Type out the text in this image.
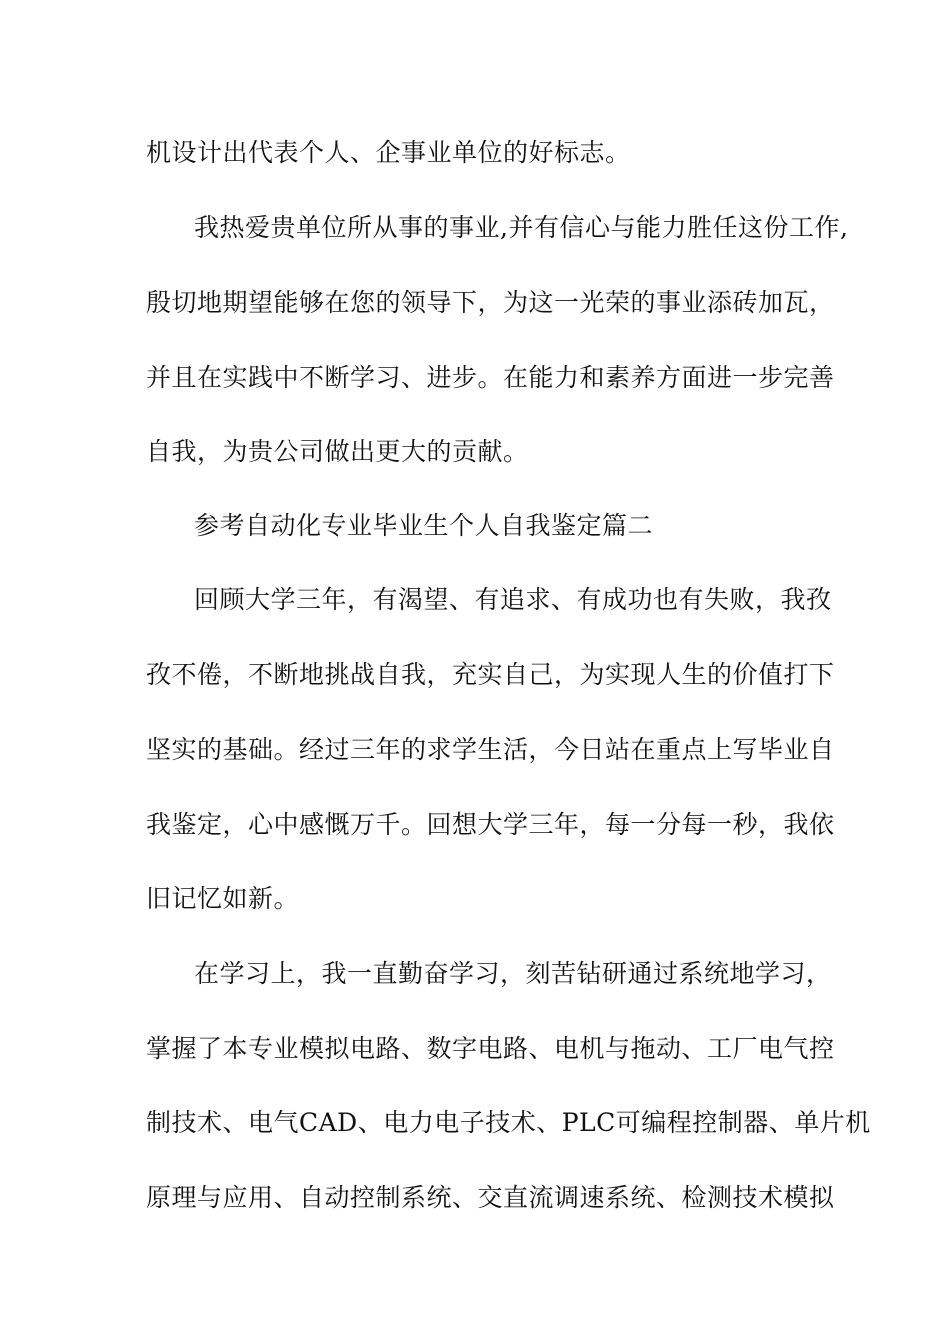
机设计出代表个人、企事业单位的好标志。
我热爱贵单位所从事的事业,并有信心与能力胜任这份工作,
殷切地期望能够在您的领导下，为这一光荣的事业添砖加瓦，
并且在实践中不断学习、进步。在能力和素养方面进一步完善
自我，为贵公司做出更大的贡献。
参考自动化专业毕业生个人自我鉴定篇二
回顾大学三年，有渴望、有追求、有成功也有失败，我孜
孜不倦，不断地挑战自我，充实自己，为实现人生的价值打下
坚实的基础。经过三年的求学生活，今日站在重点上写毕业自
我鉴定，心中感慨万千。回想大学三年，每一分每一秒，我依
旧记忆如新。
在学习上，我一直勤奋学习，刻苦钻研通过系统地学习，
掌握了本专业模拟电路、数字电路、电机与拖动、工厂电气控
制技术、电气CAD、电力电子技术、PLC可编程控制器、单片机
原理与应用、自动控制系统、交直流调速系统、检测技术模拟
